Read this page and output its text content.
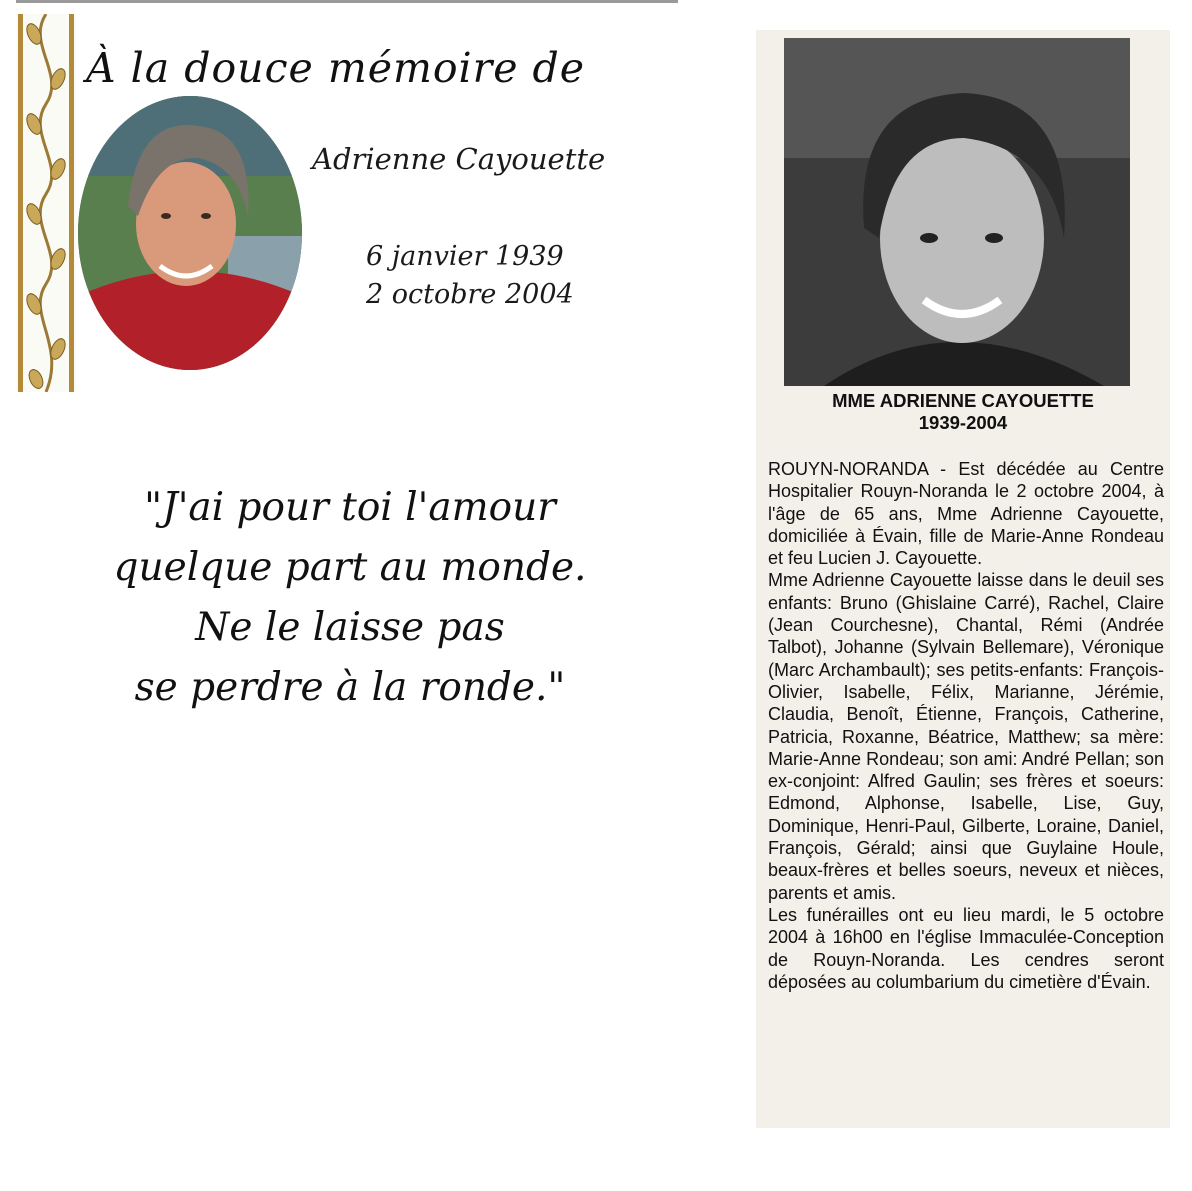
À la douce mémoire de
Adrienne Cayouette
6 janvier 1939
2 octobre 2004
"J'ai pour toi l'amour
quelque part au monde.
Ne le laisse pas
se perdre à la ronde."
MME ADRIENNE CAYOUETTE
1939-2004

ROUYN-NORANDA - Est décédée au Centre Hospitalier Rouyn-Noranda le 2 octobre 2004, à l'âge de 65 ans, Mme Adrienne Cayouette, domiciliée à Évain, fille de Marie-Anne Rondeau et feu Lucien J. Cayouette.

Mme Adrienne Cayouette laisse dans le deuil ses enfants: Bruno (Ghislaine Carré), Rachel, Claire (Jean Courchesne), Chantal, Rémi (Andrée Talbot), Johanne (Sylvain Bellemare), Véronique (Marc Archambault); ses petits-enfants: François-Olivier, Isabelle, Félix, Marianne, Jérémie, Claudia, Benoît, Étienne, François, Catherine, Patricia, Roxanne, Béatrice, Matthew; sa mère: Marie-Anne Rondeau; son ami: André Pellan; son ex-conjoint: Alfred Gaulin; ses frères et soeurs: Edmond, Alphonse, Isabelle, Lise, Guy, Dominique, Henri-Paul, Gilberte, Loraine, Daniel, François, Gérald; ainsi que Guylaine Houle, beaux-frères et belles soeurs, neveux et nièces, parents et amis.

Les funérailles ont eu lieu mardi, le 5 octobre 2004 à 16h00 en l'église Immaculée-Conception de Rouyn-Noranda. Les cendres seront déposées au columbarium du cimetière d'Évain.
